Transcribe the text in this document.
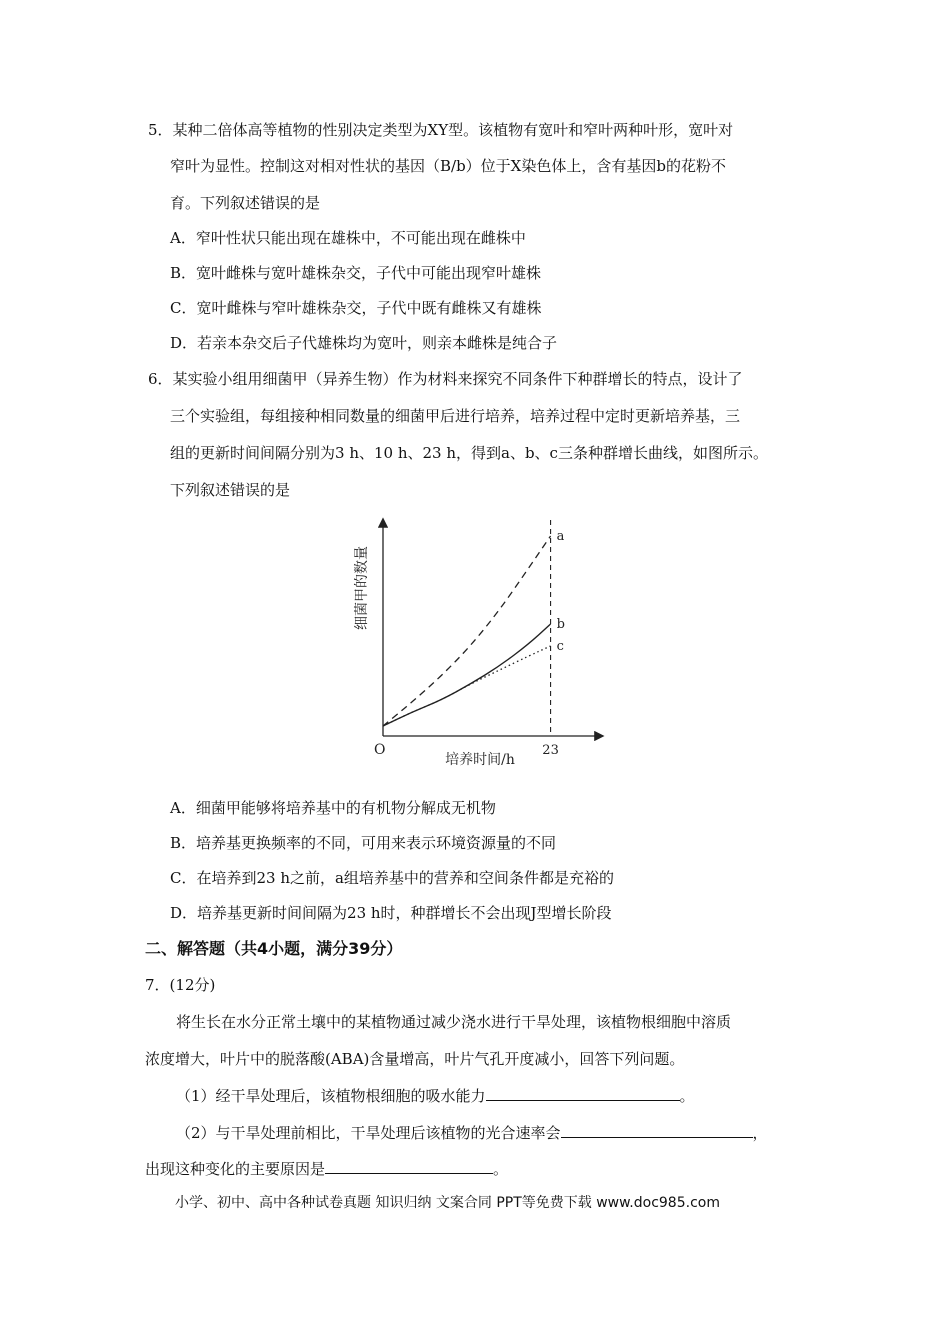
5．某种二倍体高等植物的性别决定类型为XY型。该植物有宽叶和窄叶两种叶形，宽叶对
窄叶为显性。控制这对相对性状的基因（B/b）位于X染色体上，含有基因b的花粉不
育。下列叙述错误的是
A．窄叶性状只能出现在雄株中，不可能出现在雌株中
B．宽叶雌株与宽叶雄株杂交，子代中可能出现窄叶雄株
C．宽叶雌株与窄叶雄株杂交，子代中既有雌株又有雄株
D．若亲本杂交后子代雄株均为宽叶，则亲本雌株是纯合子
6．某实验小组用细菌甲（异养生物）作为材料来探究不同条件下种群增长的特点，设计了
三个实验组，每组接种相同数量的细菌甲后进行培养，培养过程中定时更新培养基，三
组的更新时间间隔分别为3 h、10 h、23 h，得到a、b、c三条种群增长曲线，如图所示。
下列叙述错误的是
a
b
c
O	23
培养时间/h
细菌甲的数量
A．细菌甲能够将培养基中的有机物分解成无机物
B．培养基更换频率的不同，可用来表示环境资源量的不同
C．在培养到23 h之前，a组培养基中的营养和空间条件都是充裕的
D．培养基更新时间间隔为23 h时，种群增长不会出现J型增长阶段
二、解答题（共4小题，满分39分）
7．(12分)
将生长在水分正常土壤中的某植物通过减少浇水进行干旱处理，该植物根细胞中溶质
浓度增大，叶片中的脱落酸(ABA)含量增高，叶片气孔开度减小，回答下列问题。
（1）经干旱处理后，该植物根细胞的吸水能力	。
（2）与干旱处理前相比，干旱处理后该植物的光合速率会	，
出现这种变化的主要原因是	。
小学、初中、高中各种试卷真题 知识归纳 文案合同 PPT等免费下载 www.doc985.com
